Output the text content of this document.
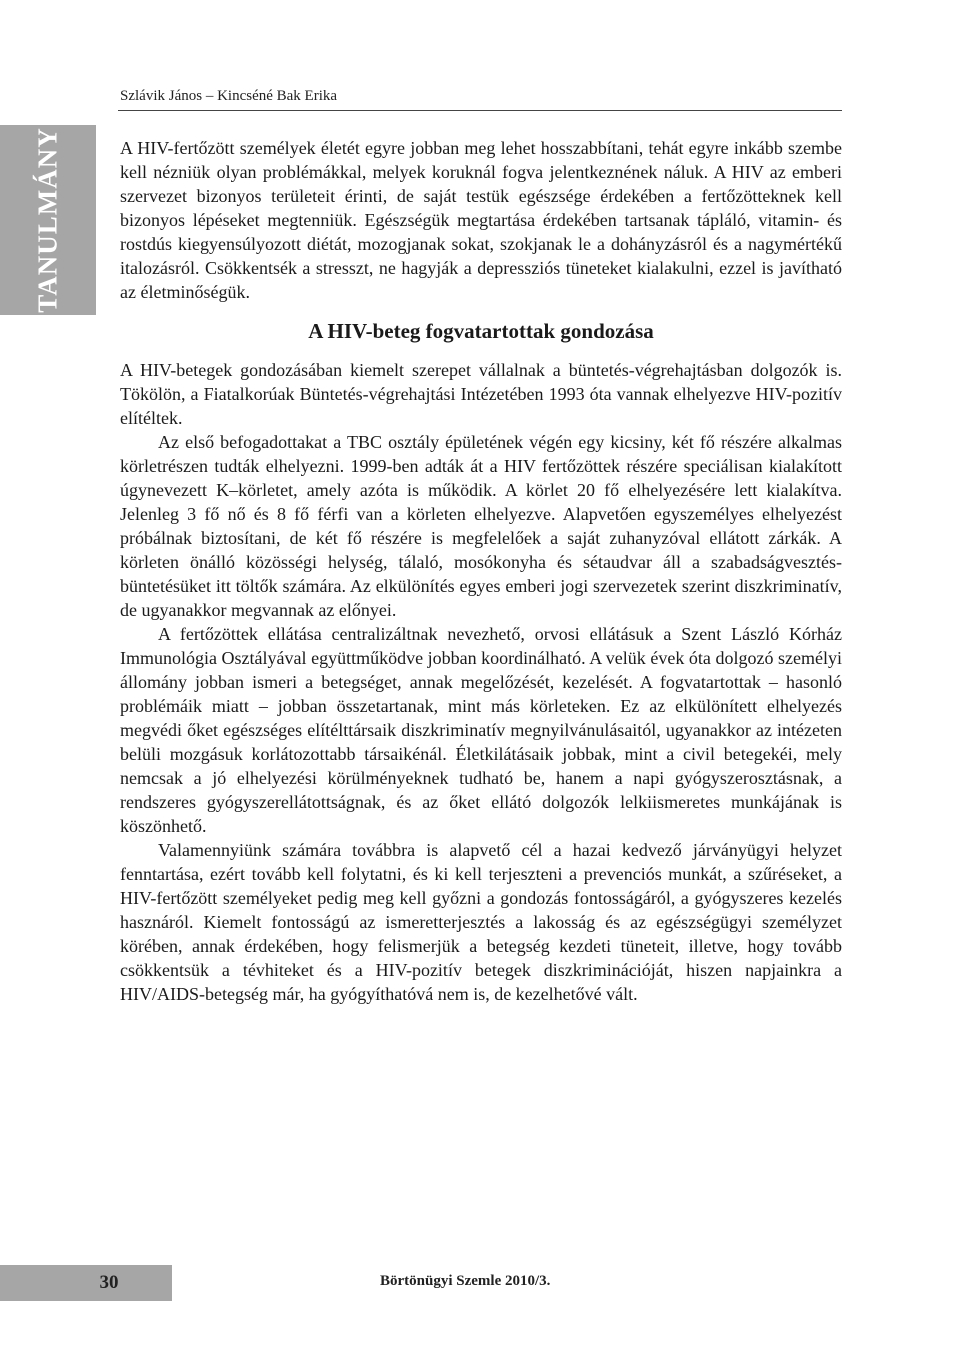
Szlávik János – Kincséné Bak Erika
TANULMÁNY	A HIV-fertőzött személyek életét egyre jobban meg lehet hosszabbítani, tehát egyre inkább szembe kell nézniük olyan problémákkal, melyek koruknál fogva jelentkeznének náluk. A HIV az emberi szervezet bizonyos területeit érinti, de saját testük egészsége érdekében a fertőzötteknek kell bizonyos lépéseket megtenniük. Egészségük megtartása érdekében tartsanak tápláló, vitamin- és rostdús kiegyensúlyozott diétát, mozogjanak sokat, szokjanak le a dohányzásról és a nagymértékű italozásról. Csökkentsék a stresszt, ne hagyják a depressziós tüneteket kialakulni, ezzel is javítható az életminőségük.

A HIV-beteg fogvatartottak gondozása

A HIV-betegek gondozásában kiemelt szerepet vállalnak a büntetés-végrehajtásban dolgozók is. Tökölön, a Fiatalkorúak Büntetés-végrehajtási Intézetében 1993 óta vannak elhelyezve HIV-pozitív elítéltek.

Az első befogadottakat a TBC osztály épületének végén egy kicsiny, két fő részére alkalmas körletrészen tudták elhelyezni. 1999-ben adták át a HIV fertőzöttek részére speciálisan kialakított úgynevezett K–körletet, amely azóta is működik. A körlet 20 fő elhelyezésére lett kialakítva. Jelenleg 3 fő nő és 8 fő férfi van a körleten elhelyezve. Alapvetően egyszemélyes elhelyezést próbálnak biztosítani, de két fő részére is megfelelőek a saját zuhanyzóval ellátott zárkák. A körleten önálló közösségi helység, tálaló, mosókonyha és sétaudvar áll a szabadságvesztés-büntetésüket itt töltők számára. Az elkülönítés egyes emberi jogi szervezetek szerint diszkriminatív, de ugyanakkor megvannak az előnyei.

A fertőzöttek ellátása centralizáltnak nevezhető, orvosi ellátásuk a Szent László Kórház Immunológia Osztályával együttműködve jobban koordinálható. A velük évek óta dolgozó személyi állomány jobban ismeri a betegséget, annak megelőzését, kezelését. A fogvatartottak – hasonló problémáik miatt – jobban összetartanak, mint más körleteken. Ez az elkülönített elhelyezés megvédi őket egészséges elítélttársaik diszkriminatív megnyilvánulásaitól, ugyanakkor az intézeten belüli mozgásuk korlátozottabb társaikénál. Életkilátásaik jobbak, mint a civil betegekéi, mely nemcsak a jó elhelyezési körülményeknek tudható be, hanem a napi gyógyszerosztásnak, a rendszeres gyógyszerellátottságnak, és az őket ellátó dolgozók lelkiismeretes munkájának is köszönhető.

Valamennyiünk számára továbbra is alapvető cél a hazai kedvező járványügyi helyzet fenntartása, ezért tovább kell folytatni, és ki kell terjeszteni a prevenciós munkát, a szűréseket, a HIV-fertőzött személyeket pedig meg kell győzni a gondozás fontosságáról, a gyógyszeres kezelés hasznáról. Kiemelt fontosságú az ismeretterjesztés a lakosság és az egészségügyi személyzet körében, annak érdekében, hogy felismerjük a betegség kezdeti tüneteit, illetve, hogy tovább csökkentsük a tévhiteket és a HIV-pozitív betegek diszkriminációját, hiszen napjainkra a HIV/AIDS-betegség már, ha gyógyíthatóvá nem is, de kezelhetővé vált.

30	Börtönügyi Szemle 2010/3.
